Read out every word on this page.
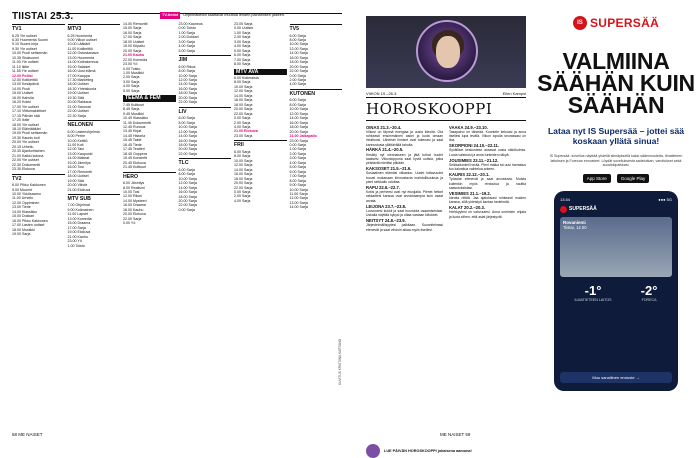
TIISTAI 25.3.	TV-tiedot Ohjelmatiedot saattavat muuttua lehden painamisen jälkeen.
TV1
6.25 Yle uutiset
6.30 Huomenta Suomi
9.10 Suomi-kirja
9.30 Yle uutiset
10.00 Puoli seitsemän
10.35 Sisäsuomi
11.00 Yle uutiset
11.10 Ikitie
11.55 Yle uutiset
12.00 Poliisi
12.50 Kotikeittiö
13.00 Kesäpäivä
14.00 Puoli
15.00 Uutiset
16.00 Kahvila
16.20 Kokki
17.00 Yle uutiset
17.10 Viittomakieliset
17.15 Päivän sää
17.20 Ikitie
18.00 Yle uutiset
18.10 Eläinlääkäri
19.00 Puoli seitsemän
19.30 Kaunis koti
20.00 Yle uutiset
20.15 Urheilu
20.30 Ajankohtainen
21.00 Kaikki kotona
22.00 Yle uutiset
22.30 Dokumentti
23.30 Elokuva
TV2
6.00 Pikku Kakkonen
9.00 Muumit
10.00 Ykkösaamu
11.00 Urheilu
12.00 Oppiminen
13.00 Tiede
14.00 Klassikko
15.00 Dokkari
16.00 Pikku Kakkonen
17.00 Lasten uutiset
18.00 Musiikki
19.00 Sarja
MTV3
6.25 Huomenta
9.00 Viikon uutiset
10.00 Lääkärit
11.00 Kotikeittiö
12.00 Ostoskanava
13.00 Huomenta
14.00 Kotirakennus
15.00 Salaiset
16.00 Uusi elämä
17.00 Kauppa
17.30 Marketing
18.00 Uutiset
18.30 Yhteiskunta
19.00 Uutiset
19.30 Sää
20.00 Rakkaus
21.00 Sanovat
22.00 Uutiset
22.30 Sarja
NELONEN
6.00 Lastenohjelmia
8.00 Perhe
10.00 Keittiö
11.00 Koti
12.00 Talo
13.00 Kaupunki
14.00 Makeat
15.00 Jännitys
16.00 Tosi
17.00 Remontti
18.00 Uutiset
19.00 Sää
20.00 Viihde
21.00 Elokuva
MTV SUB
7.00 Ohjelmat
9.00 Kotimainen
11.00 Lapset
13.00 Komedia
15.00 Draama
17.00 Sarja
19.00 Elokuva
21.00 Kauhu
23.00 Yö
1.00 Toisto
14.00 Remontti
15.00 Sarja
16.00 Sarja
17.00 Sarja
18.00 Uutiset
19.00 Kilpailu
20.00 Sarja
21.00 Kauhu
22.00 Komedia
23.00 Yö
0.00 Toisto
1.00 Musiikki
2.00 Sarja
3.00 Sarja
4.00 Sarja
5.00 Sarja
TEEMA & FEM
7.45 Kulttuuri
8.45 Sarja
9.45 Musiikki
10.45 Klassikko
11.45 Dokumentti
12.45 Runous
13.45 Kirjat
14.45 Historia
15.45 Taide
16.45 Tiede
17.45 Teatteri
18.45 Ooppera
19.45 Konsertti
20.45 Elokuva
21.45 Kulttuuri
HERO
6.00 Jännitys
8.00 Realismi
10.00 Tosi
12.00 Rikos
14.00 Mysteeri
16.00 Draama
18.00 Kauhu
20.00 Elokuva
22.00 Sarja
0.00 Yö
23.00 Kauneus
0.00 Toisto
1.00 Sarja
2.00 Dokkari
3.00 Sarja
4.00 Sarja
5.00 Sarja
JIM
6.00 Rikos
8.00 Sarja
10.00 Sarja
12.00 Sarja
14.00 Sarja
16.00 Sarja
18.00 Sarja
20.00 Sarja
22.00 Sarja
LIV
6.00 Sarja
8.00 Sarja
10.00 Sarja
12.00 Sarja
14.00 Sarja
16.00 Sarja
18.00 Sarja
20.00 Sarja
22.00 Sarja
TLC
6.00 Sarja
8.00 Sarja
10.00 Sarja
12.00 Sarja
14.00 Sarja
16.00 Sarja
18.00 Sarja
20.00 Sarja
22.00 Sarja
0.00 Sarja
23.05 Sarja
0.00 Uutiset
1.00 Sarja
2.00 Sarja
3.00 Sarja
4.00 Sarja
5.00 Sarja
6.00 Sarja
7.00 Sarja
8.00 Sarja
MTV AVA
6.00 Kotimaisia
8.00 Sarja
10.00 Sarja
12.00 Sarja
14.00 Sarja
16.00 Sarja
18.00 Sarja
20.00 Sarja
22.00 Sarja
0.00 Sarja
2.00 Sarja
4.00 Sarja
21.00 Elokuva
23.00 Sarja
FRII
6.00 Sarja
8.00 Sarja
10.00 Sarja
12.00 Sarja
14.00 Sarja
16.00 Sarja
18.00 Sarja
20.00 Sarja
22.00 Sarja
0.00 Sarja
2.00 Sarja
4.00 Sarja
TV5
6.00 Sarja
8.00 Sarja
10.00 Sarja
12.00 Sarja
14.00 Sarja
16.00 Sarja
18.00 Sarja
20.00 Sarja
22.00 Sarja
0.00 Sarja
2.00 Sarja
4.00 Sarja
KUTONEN
6.00 Sarja
8.00 Sarja
10.00 Sarja
12.00 Sarja
14.00 Sarja
16.00 Sarja
18.00 Sarja
20.00 Sarja
21.00 Jalkapallo
23.00 Sarja
0.00 Sarja
1.00 Sarja
2.00 Sarja
3.00 Sarja
4.00 Sarja
5.00 Sarja
6.00 Sarja
7.00 Sarja
8.00 Sarja
9.00 Sarja
10.00 Sarja
11.00 Sarja
12.00 Sarja
13.00 Sarja
14.00 Sarja
58 ME NAISET
VIIKON 19.–26.3.	Ellen Kampsi
HOROSKOOPPI
OINAS 21.3.–20.4.
Viikosi on täynnä energiaa ja uusia ideoita. Ota rohkeasti ensimmäinen askel ja luota omaan intuitioosi. Läheiset ihmiset ovat tukenasi ja saat kannustusta yllättävältä taholta.
HÄRKÄ 21.4.–20.5.
Keskity nyt olennaiseen ja jätä turhat huolet taaksesi. Viikonloppuna saat hyviä uutisia, jotka piristävät mieltäsi pitkään.
KAKSOSET 21.5.–21.6.
Sosiaalinen elämäsi vilkastuu. Uudet tuttavuudet tuovat mukanaan kiinnostavia mahdollisuuksia ja pieni seikkailu odottaa.
RAPU 22.6.–22.7.
Kotisi ja perheesi ovat nyt etusijalla. Pienet hetket rakkaittesi kanssa ovat arvokkaampia kuin osaat arvata.
LEIJONA 23.7.–23.8.
Luovuutesi kukkii ja saat huomiota osaamisestasi. Uskalla näyttää kykysi ja ottaa vastaan kiitokset.
NEITSYT 24.8.–23.9.
Järjestelmällisyytesi palkitaan. Suunnitelmasi etenevät ja saat vihdoin aikaa myös itsellesi.
VAAKA 24.9.–23.10.
Tasapaino on tärkeää. Kuuntele kehoasi ja anna itsellesi lupa levätä. Viikon lopulla seurassasi on iloa.
SKORPIONI 24.10.–22.11.
Syvälliset keskustelut avaavat uusia näkökulmia. Luota vaistoosi ja anna tunteiden näkyä.
JOUSIMIES 23.11.–21.12.
Seikkailumieli herää. Pieni matka tai uusi harrastus tuo kaivattua vaihtelua arkeen.
KAURIS 22.12.–20.1.
Työasiat etenevät ja saat arvostusta. Muista kuitenkin myös rentoutua ja nauttia saavutuksistasi.
VESIMIES 21.1.–19.2.
Ideoita riittää. Jaa ajatuksiasi rohkeasti muiden kanssa, sillä yhteistyö kantaa hedelmää.
KALAT 20.2.–20.3.
Herkkyytesi on vahvuutesi. Anna unelmien ohjata ja luota siihen, että asiat järjestyvät.
LUE PÄIVÄN HOROSKOOPPI jokaisena aamuna!
IS SUPERSÄÄ
VALMIINA SÄÄHÄN KUIN SÄÄHÄN
Lataa nyt IS Supersää – jottei sää koskaan yllätä sinua!
IS Supersää -sovellus näyttää yhdellä silmäyksellä kaksi sääennustetta, Ilmatieteen laitoksen ja Forecan ennusteet. Löydät sovelluksesta sadetutkan, varoitukset sekä suosikkipaikkasi.
App Store	Google Play
13.54	●●● 5G
SUPERSÄÄ
Rovaniemi
Tiistai, 14.00
-1°
ILMATIETEEN LAITOS
-2°
FORECA
Muu sanallinen ennuste →
ME NAISET 59
KUVITUS KRISTIINA KARTANO
